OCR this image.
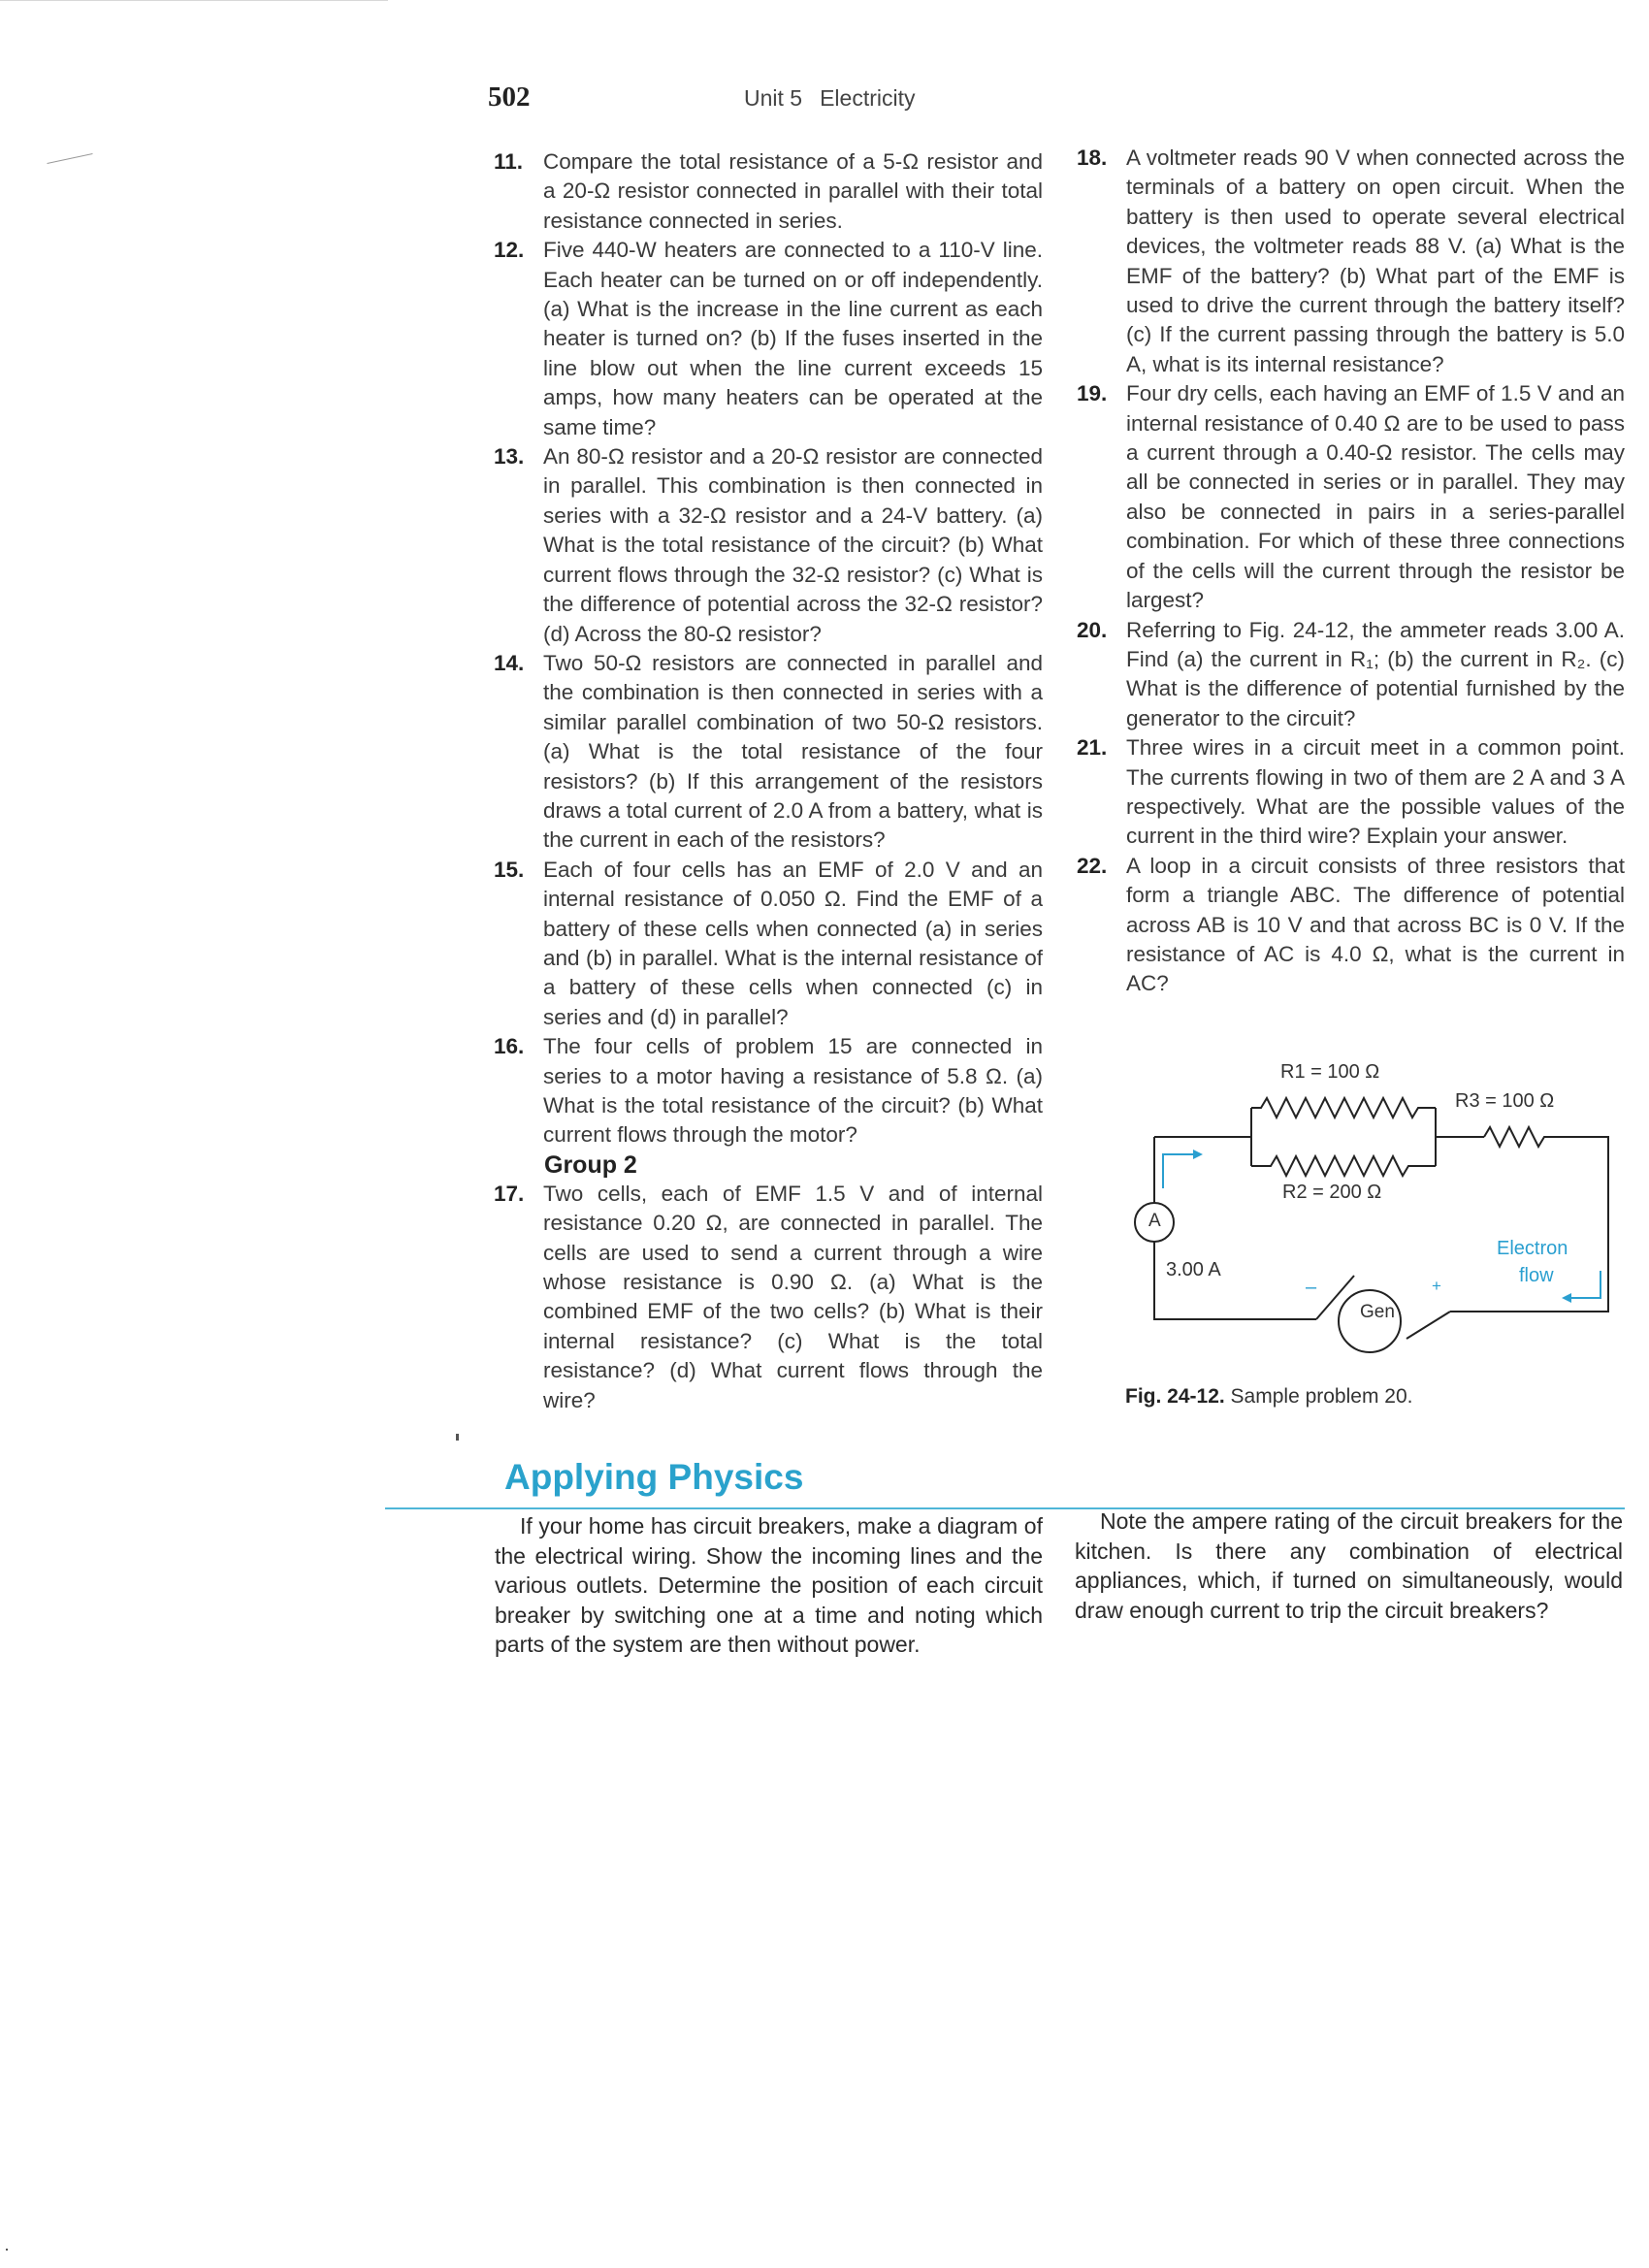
502	Unit 5 Electricity
11. Compare the total resistance of a 5-Ω resistor and a 20-Ω resistor connected in parallel with their total resistance connected in series.
12. Five 440-W heaters are connected to a 110-V line. Each heater can be turned on or off independently. (a) What is the increase in the line current as each heater is turned on? (b) If the fuses inserted in the line blow out when the line current exceeds 15 amps, how many heaters can be operated at the same time?
13. An 80-Ω resistor and a 20-Ω resistor are connected in parallel. This combination is then connected in series with a 32-Ω resistor and a 24-V battery. (a) What is the total resistance of the circuit? (b) What current flows through the 32-Ω resistor? (c) What is the difference of potential across the 32-Ω resistor? (d) Across the 80-Ω resistor?
14. Two 50-Ω resistors are connected in parallel and the combination is then connected in series with a similar parallel combination of two 50-Ω resistors. (a) What is the total resistance of the four resistors? (b) If this arrangement of the resistors draws a total current of 2.0 A from a battery, what is the current in each of the resistors?
15. Each of four cells has an EMF of 2.0 V and an internal resistance of 0.050 Ω. Find the EMF of a battery of these cells when connected (a) in series and (b) in parallel. What is the internal resistance of a battery of these cells when connected (c) in series and (d) in parallel?
16. The four cells of problem 15 are connected in series to a motor having a resistance of 5.8 Ω. (a) What is the total resistance of the circuit? (b) What current flows through the motor?
Group 2
17. Two cells, each of EMF 1.5 V and of internal resistance 0.20 Ω, are connected in parallel. The cells are used to send a current through a wire whose resistance is 0.90 Ω. (a) What is the combined EMF of the two cells? (b) What is their internal resistance? (c) What is the total resistance? (d) What current flows through the wire?
18. A voltmeter reads 90 V when connected across the terminals of a battery on open circuit. When the battery is then used to operate several electrical devices, the voltmeter reads 88 V. (a) What is the EMF of the battery? (b) What part of the EMF is used to drive the current through the battery itself? (c) If the current passing through the battery is 5.0 A, what is its internal resistance?
19. Four dry cells, each having an EMF of 1.5 V and an internal resistance of 0.40 Ω are to be used to pass a current through a 0.40-Ω resistor. The cells may all be connected in series or in parallel. They may also be connected in pairs in a series-parallel combination. For which of these three connections of the cells will the current through the resistor be largest?
20. Referring to Fig. 24-12, the ammeter reads 3.00 A. Find (a) the current in R₁; (b) the current in R₂. (c) What is the difference of potential furnished by the generator to the circuit?
21. Three wires in a circuit meet in a common point. The currents flowing in two of them are 2 A and 3 A respectively. What are the possible values of the current in the third wire? Explain your answer.
22. A loop in a circuit consists of three resistors that form a triangle ABC. The difference of potential across AB is 10 V and that across BC is 0 V. If the resistance of AC is 4.0 Ω, what is the current in AC?
R1 = 100 Ω
R3 = 100 Ω
R2 = 200 Ω
A
3.00 A
Gen
–	+
Electron
flow
Fig. 24-12. Sample problem 20.
Applying Physics
If your home has circuit breakers, make a diagram of the electrical wiring. Show the incoming lines and the various outlets. Determine the position of each circuit breaker by switching one at a time and noting which parts of the system are then without power.
Note the ampere rating of the circuit breakers for the kitchen. Is there any combination of electrical appliances, which, if turned on simultaneously, would draw enough current to trip the circuit breakers?
